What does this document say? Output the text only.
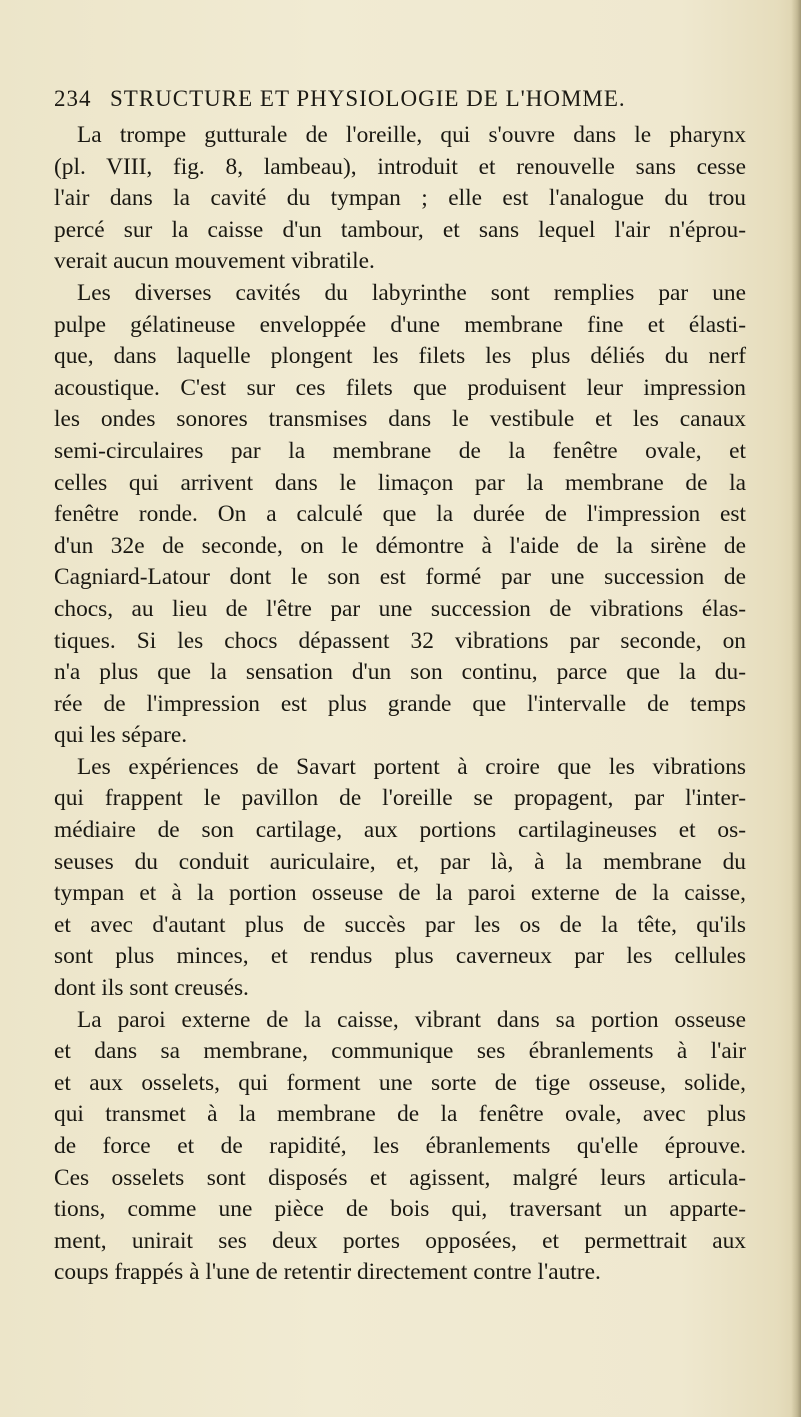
234 STRUCTURE ET PHYSIOLOGIE DE L'HOMME.
La trompe gutturale de l'oreille, qui s'ouvre dans le pharynx
(pl. VIII, fig. 8, lambeau), introduit et renouvelle sans cesse
l'air dans la cavité du tympan ; elle est l'analogue du trou
percé sur la caisse d'un tambour, et sans lequel l'air n'éprou-
verait aucun mouvement vibratile.
Les diverses cavités du labyrinthe sont remplies par une
pulpe gélatineuse enveloppée d'une membrane fine et élasti-
que, dans laquelle plongent les filets les plus déliés du nerf
acoustique. C'est sur ces filets que produisent leur impression
les ondes sonores transmises dans le vestibule et les canaux
semi-circulaires par la membrane de la fenêtre ovale, et
celles qui arrivent dans le limaçon par la membrane de la
fenêtre ronde. On a calculé que la durée de l'impression est
d'un 32e de seconde, on le démontre à l'aide de la sirène de
Cagniard-Latour dont le son est formé par une succession de
chocs, au lieu de l'être par une succession de vibrations élas-
tiques. Si les chocs dépassent 32 vibrations par seconde, on
n'a plus que la sensation d'un son continu, parce que la du-
rée de l'impression est plus grande que l'intervalle de temps
qui les sépare.
Les expériences de Savart portent à croire que les vibrations
qui frappent le pavillon de l'oreille se propagent, par l'inter-
médiaire de son cartilage, aux portions cartilagineuses et os-
seuses du conduit auriculaire, et, par là, à la membrane du
tympan et à la portion osseuse de la paroi externe de la caisse,
et avec d'autant plus de succès par les os de la tête, qu'ils
sont plus minces, et rendus plus caverneux par les cellules
dont ils sont creusés.
La paroi externe de la caisse, vibrant dans sa portion osseuse
et dans sa membrane, communique ses ébranlements à l'air
et aux osselets, qui forment une sorte de tige osseuse, solide,
qui transmet à la membrane de la fenêtre ovale, avec plus
de force et de rapidité, les ébranlements qu'elle éprouve.
Ces osselets sont disposés et agissent, malgré leurs articula-
tions, comme une pièce de bois qui, traversant un apparte-
ment, unirait ses deux portes opposées, et permettrait aux
coups frappés à l'une de retentir directement contre l'autre.
